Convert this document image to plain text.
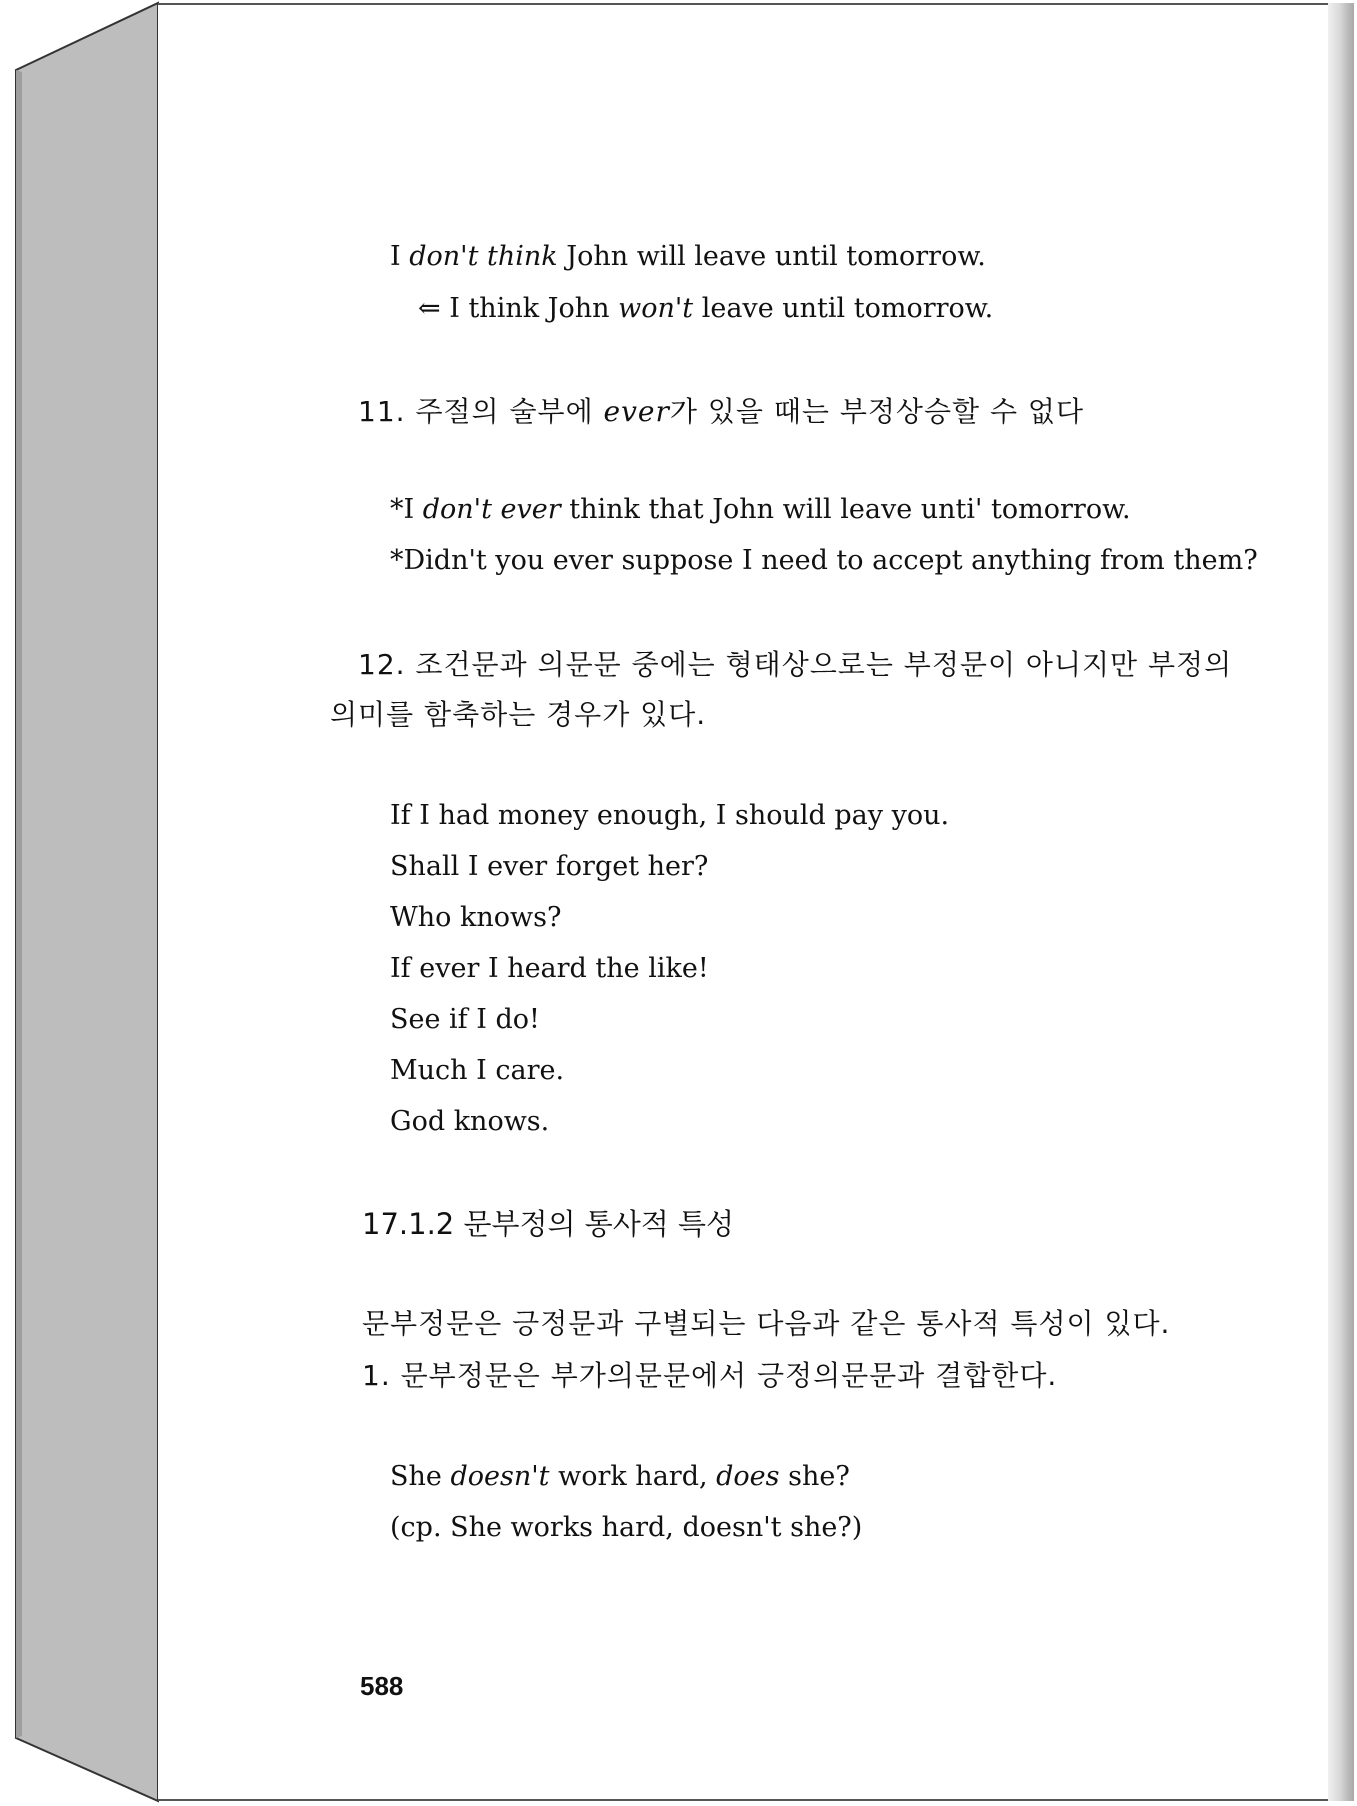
I don't think John will leave until tomorrow.
⇐ I think John won't leave until tomorrow.
11. 주절의 술부에 ever가 있을 때는 부정상승할 수 없다
*I don't ever think that John will leave unti' tomorrow.
*Didn't you ever suppose I need to accept anything from them?
12. 조건문과 의문문 중에는 형태상으로는 부정문이 아니지만 부정의
의미를 함축하는 경우가 있다.
If I had money enough, I should pay you.
Shall I ever forget her?
Who knows?
If ever I heard the like!
See if I do!
Much I care.
God knows.
17.1.2 문부정의 통사적 특성
문부정문은 긍정문과 구별되는 다음과 같은 통사적 특성이 있다.
1. 문부정문은 부가의문문에서 긍정의문문과 결합한다.
She doesn't work hard, does she?
(cp. She works hard, doesn't she?)
588
